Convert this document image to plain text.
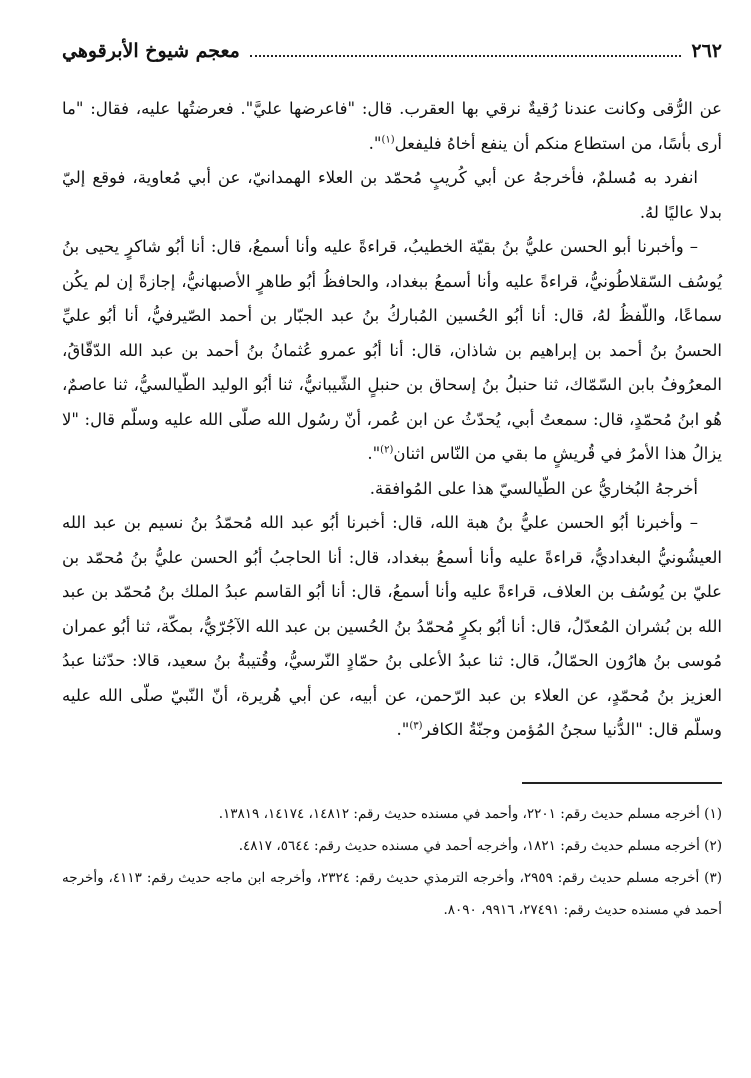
٢٦٢
معجم شيوخ الأبرقوهي

عن الرُّقى وكانت عندنا رُقيةٌ نرقي بها العقرب. قال: "فاعرضها عليَّ". فعرضتُها عليه، فقال: "ما أرى بأسًا، من استطاع منكم أن ينفع أخاهُ فليفعل$^{(١)}$".

انفرد به مُسلمٌ، فأخرجهُ عن أبي كُريبٍ مُحمّد بن العلاء الهمدانيّ، عن أبي مُعاوية، فوقع إليّ بدلا عاليًا لهُ.

– وأخبرنا أبو الحسن عليُّ بنُ بقيّة الخطيبُ، قراءةً عليه وأنا أسمعُ، قال: أنا أبُو شاكرٍ يحيى بنُ يُوسُف السّقلاطُونيُّ، قراءةً عليه وأنا أسمعُ ببغداد، والحافظُ أبُو طاهرٍ الأصبهانيُّ، إجازةً إن لم يكُن سماعًا، واللّفظُ لهُ، قال: أنا أبُو الحُسين المُباركُ بنُ عبد الجبّار بن أحمد الصّيرفيُّ، أنا أبُو عليِّ الحسنُ بنُ أحمد بن إبراهيم بن شاذان، قال: أنا أبُو عمرو عُثمانُ بنُ أحمد بن عبد الله الدّقّاقُ، المعرُوفُ بابن السّمّاك، ثنا حنبلُ بنُ إسحاق بن حنبلٍ الشّيبانيُّ، ثنا أبُو الوليد الطّيالسيُّ، ثنا عاصمٌ، هُو ابنُ مُحمّدٍ، قال: سمعتُ أبي، يُحدّثُ عن ابن عُمر، أنّ رسُول الله صلّى الله عليه وسلّم قال: "لا يزالُ هذا الأمرُ في قُريشٍ ما بقي من النّاس اثنان$^{(٢)}$".

أخرجهُ البُخاريُّ عن الطّيالسيّ هذا على المُوافقة.

– وأخبرنا أبُو الحسن عليُّ بنُ هبة الله، قال: أخبرنا أبُو عبد الله مُحمّدُ بنُ نسيم بن عبد الله العيشُونيُّ البغداديُّ، قراءةً عليه وأنا أسمعُ ببغداد، قال: أنا الحاجبُ أبُو الحسن عليُّ بنُ مُحمّد بن عليّ بن يُوسُف بن العلاف، قراءةً عليه وأنا أسمعُ، قال: أنا أبُو القاسم عبدُ الملك بنُ مُحمّد بن عبد الله بن بُشران المُعدّلُ، قال: أنا أبُو بكرٍ مُحمّدُ بنُ الحُسين بن عبد الله الآجُرّيُّ، بمكّة، ثنا أبُو عمران مُوسى بنُ هارُون الحمّالُ، قال: ثنا عبدُ الأعلى بنُ حمّادٍ النّرسيُّ، وقُتيبةُ بنُ سعيد، قالا: حدّثنا عبدُ العزيز بنُ مُحمّدٍ، عن العلاء بن عبد الرّحمن، عن أبيه، عن أبي هُريرة، أنّ النّبيّ صلّى الله عليه وسلّم قال: "الدُّنيا سجنُ المُؤمن وجنّةُ الكافر$^{(٣)}$".

(١) أخرجه مسلم حديث رقم: ٢٢٠١، وأحمد في مسنده حديث رقم: ١٤٨١٢، ١٤١٧٤، ١٣٨١٩.

(٢) أخرجه مسلم حديث رقم: ١٨٢١، وأخرجه أحمد في مسنده حديث رقم: ٥٦٤٤، ٤٨١٧.

(٣) أخرجه مسلم حديث رقم: ٢٩٥٩، وأخرجه الترمذي حديث رقم: ٢٣٢٤، وأخرجه ابن ماجه حديث رقم: ٤١١٣، وأخرجه أحمد في مسنده حديث رقم: ٢٧٤٩١، ٩٩١٦، ٨٠٩٠.
